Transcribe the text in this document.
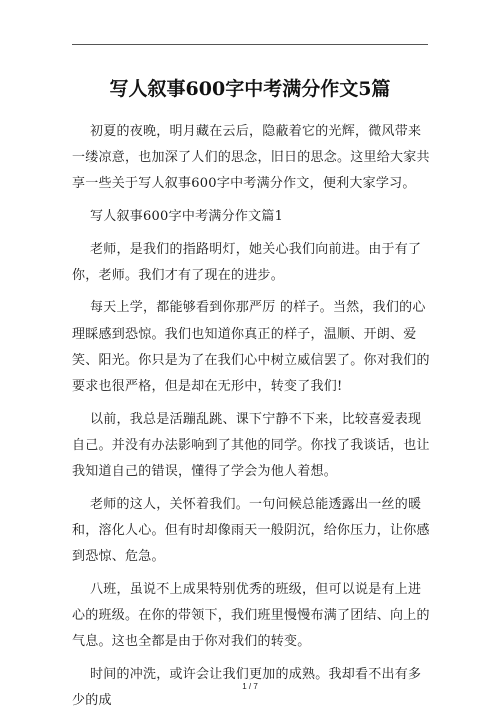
写人叙事600字中考满分作文5篇

初夏的夜晚，明月藏在云后，隐蔽着它的光辉，微风带来一缕凉意，也加深了人们的思念，旧日的思念。这里给大家共享一些关于写人叙事600字中考满分作文，便利大家学习。

写人叙事600字中考满分作文篇1

老师，是我们的指路明灯，她关心我们向前进。由于有了你，老师。我们才有了现在的进步。

每天上学，都能够看到你那严厉 的样子。当然，我们的心理睬感到恐惊。我们也知道你真正的样子，温顺、开朗、爱笑、阳光。你只是为了在我们心中树立威信罢了。你对我们的要求也很严格，但是却在无形中，转变了我们!

以前，我总是活蹦乱跳、课下宁静不下来，比较喜爱表现自己。并没有办法影响到了其他的同学。你找了我谈话，也让我知道自己的错误，懂得了学会为他人着想。

老师的这人，关怀着我们。一句问候总能透露出一丝的暖和，溶化人心。但有时却像雨天一般阴沉，给你压力，让你感到恐惊、危急。

八班，虽说不上成果特别优秀的班级，但可以说是有上进心的班级。在你的带领下，我们班里慢慢布满了团结、向上的气息。这也全都是由于你对我们的转变。

时间的冲洗，或许会让我们更加的成熟。我却看不出有多少的成

1 / 7
